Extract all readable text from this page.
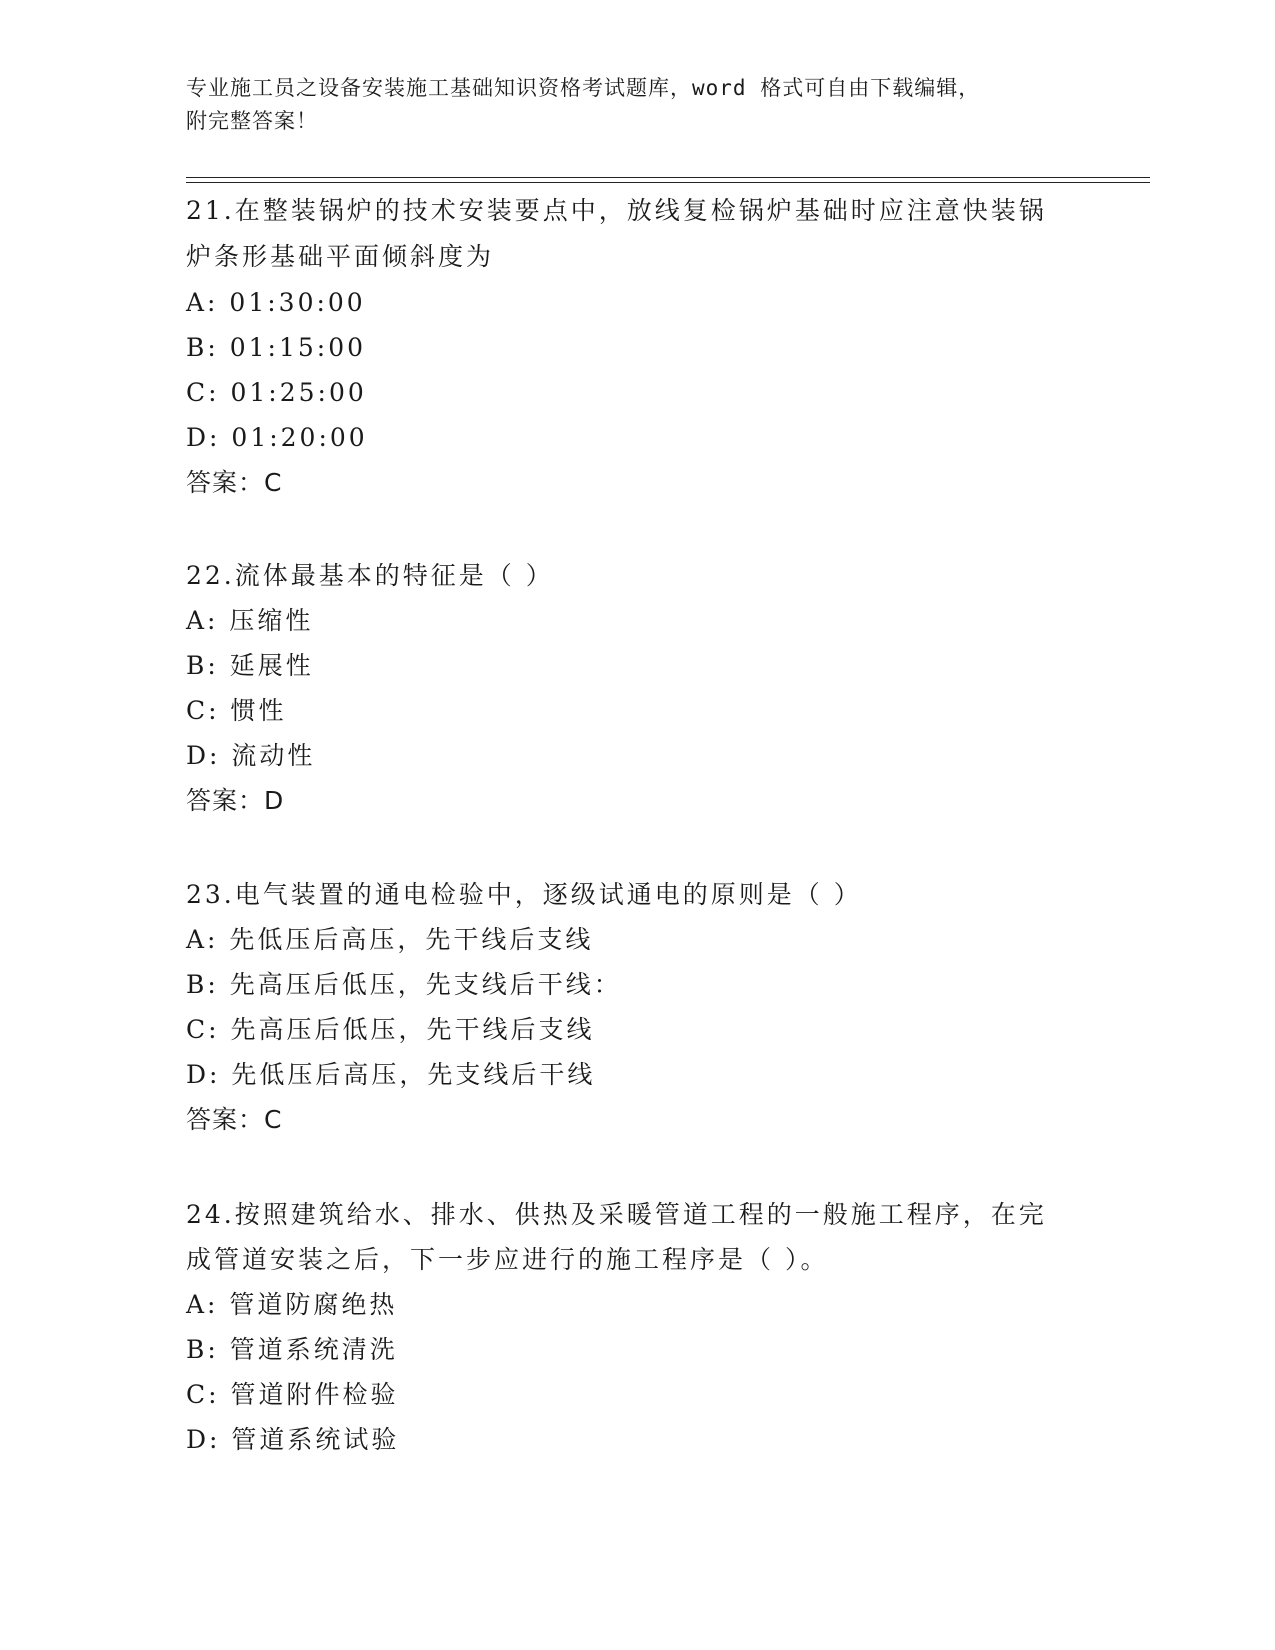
专业施工员之设备安装施工基础知识资格考试题库，word 格式可自由下载编辑，
附完整答案！
21.在整装锅炉的技术安装要点中，放线复检锅炉基础时应注意快装锅
炉条形基础平面倾斜度为
A: 01:30:00
B: 01:15:00
C: 01:25:00
D: 01:20:00
答案：C
22.流体最基本的特征是（ ）
A: 压缩性
B: 延展性
C: 惯性
D: 流动性
答案：D
23.电气装置的通电检验中，逐级试通电的原则是（ ）
A: 先低压后高压，先干线后支线
B: 先高压后低压，先支线后干线：
C: 先高压后低压，先干线后支线
D: 先低压后高压，先支线后干线
答案：C
24.按照建筑给水、排水、供热及采暖管道工程的一般施工程序，在完
成管道安装之后，下一步应进行的施工程序是（ ）。
A: 管道防腐绝热
B: 管道系统清洗
C: 管道附件检验
D: 管道系统试验
